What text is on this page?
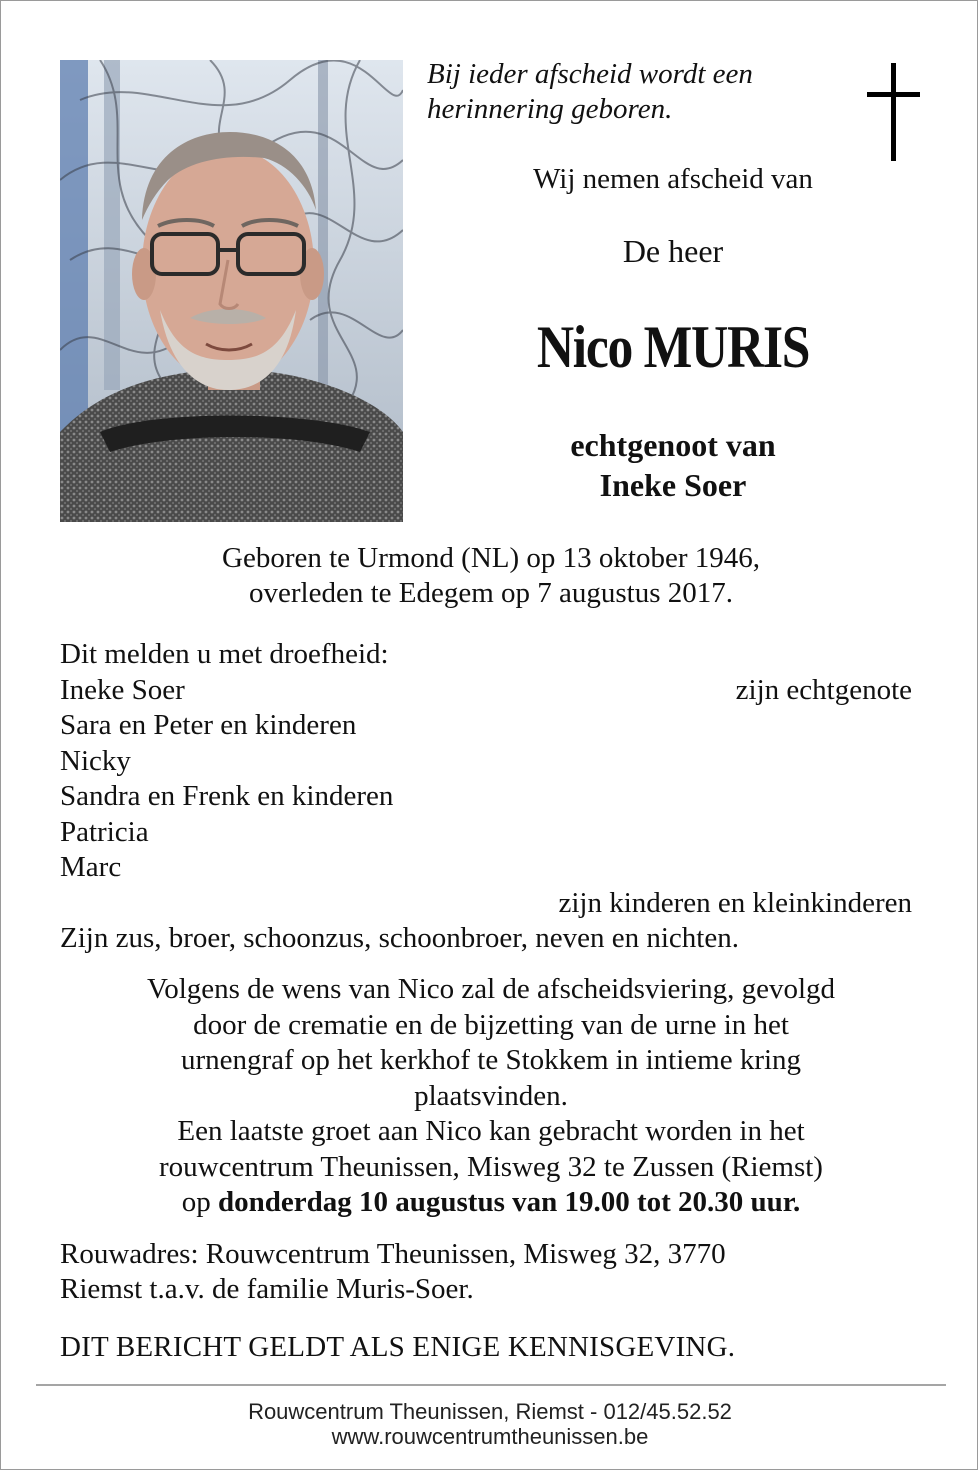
Bij ieder afscheid wordt een
herinnering geboren.
Wij nemen afscheid van
De heer
Nico MURIS
echtgenoot van
Ineke Soer
Geboren te Urmond (NL) op 13 oktober 1946,
overleden te Edegem op 7 augustus 2017.
Dit melden u met droefheid:
Ineke Soer	zijn echtgenote
Sara en Peter en kinderen
Nicky
Sandra en Frenk en kinderen
Patricia
Marc
zijn kinderen en kleinkinderen
Zijn zus, broer, schoonzus, schoonbroer, neven en nichten.
Volgens de wens van Nico zal de afscheidsviering, gevolgd
door de crematie en de bijzetting van de urne in het
urnengraf op het kerkhof te Stokkem in intieme kring
plaatsvinden.
Een laatste groet aan Nico kan gebracht worden in het
rouwcentrum Theunissen, Misweg 32 te Zussen (Riemst)
op donderdag 10 augustus van 19.00 tot 20.30 uur.
Rouwadres: Rouwcentrum Theunissen, Misweg 32, 3770
Riemst t.a.v. de familie Muris-Soer.
DIT BERICHT GELDT ALS ENIGE KENNISGEVING.
Rouwcentrum Theunissen, Riemst - 012/45.52.52
www.rouwcentrumtheunissen.be
